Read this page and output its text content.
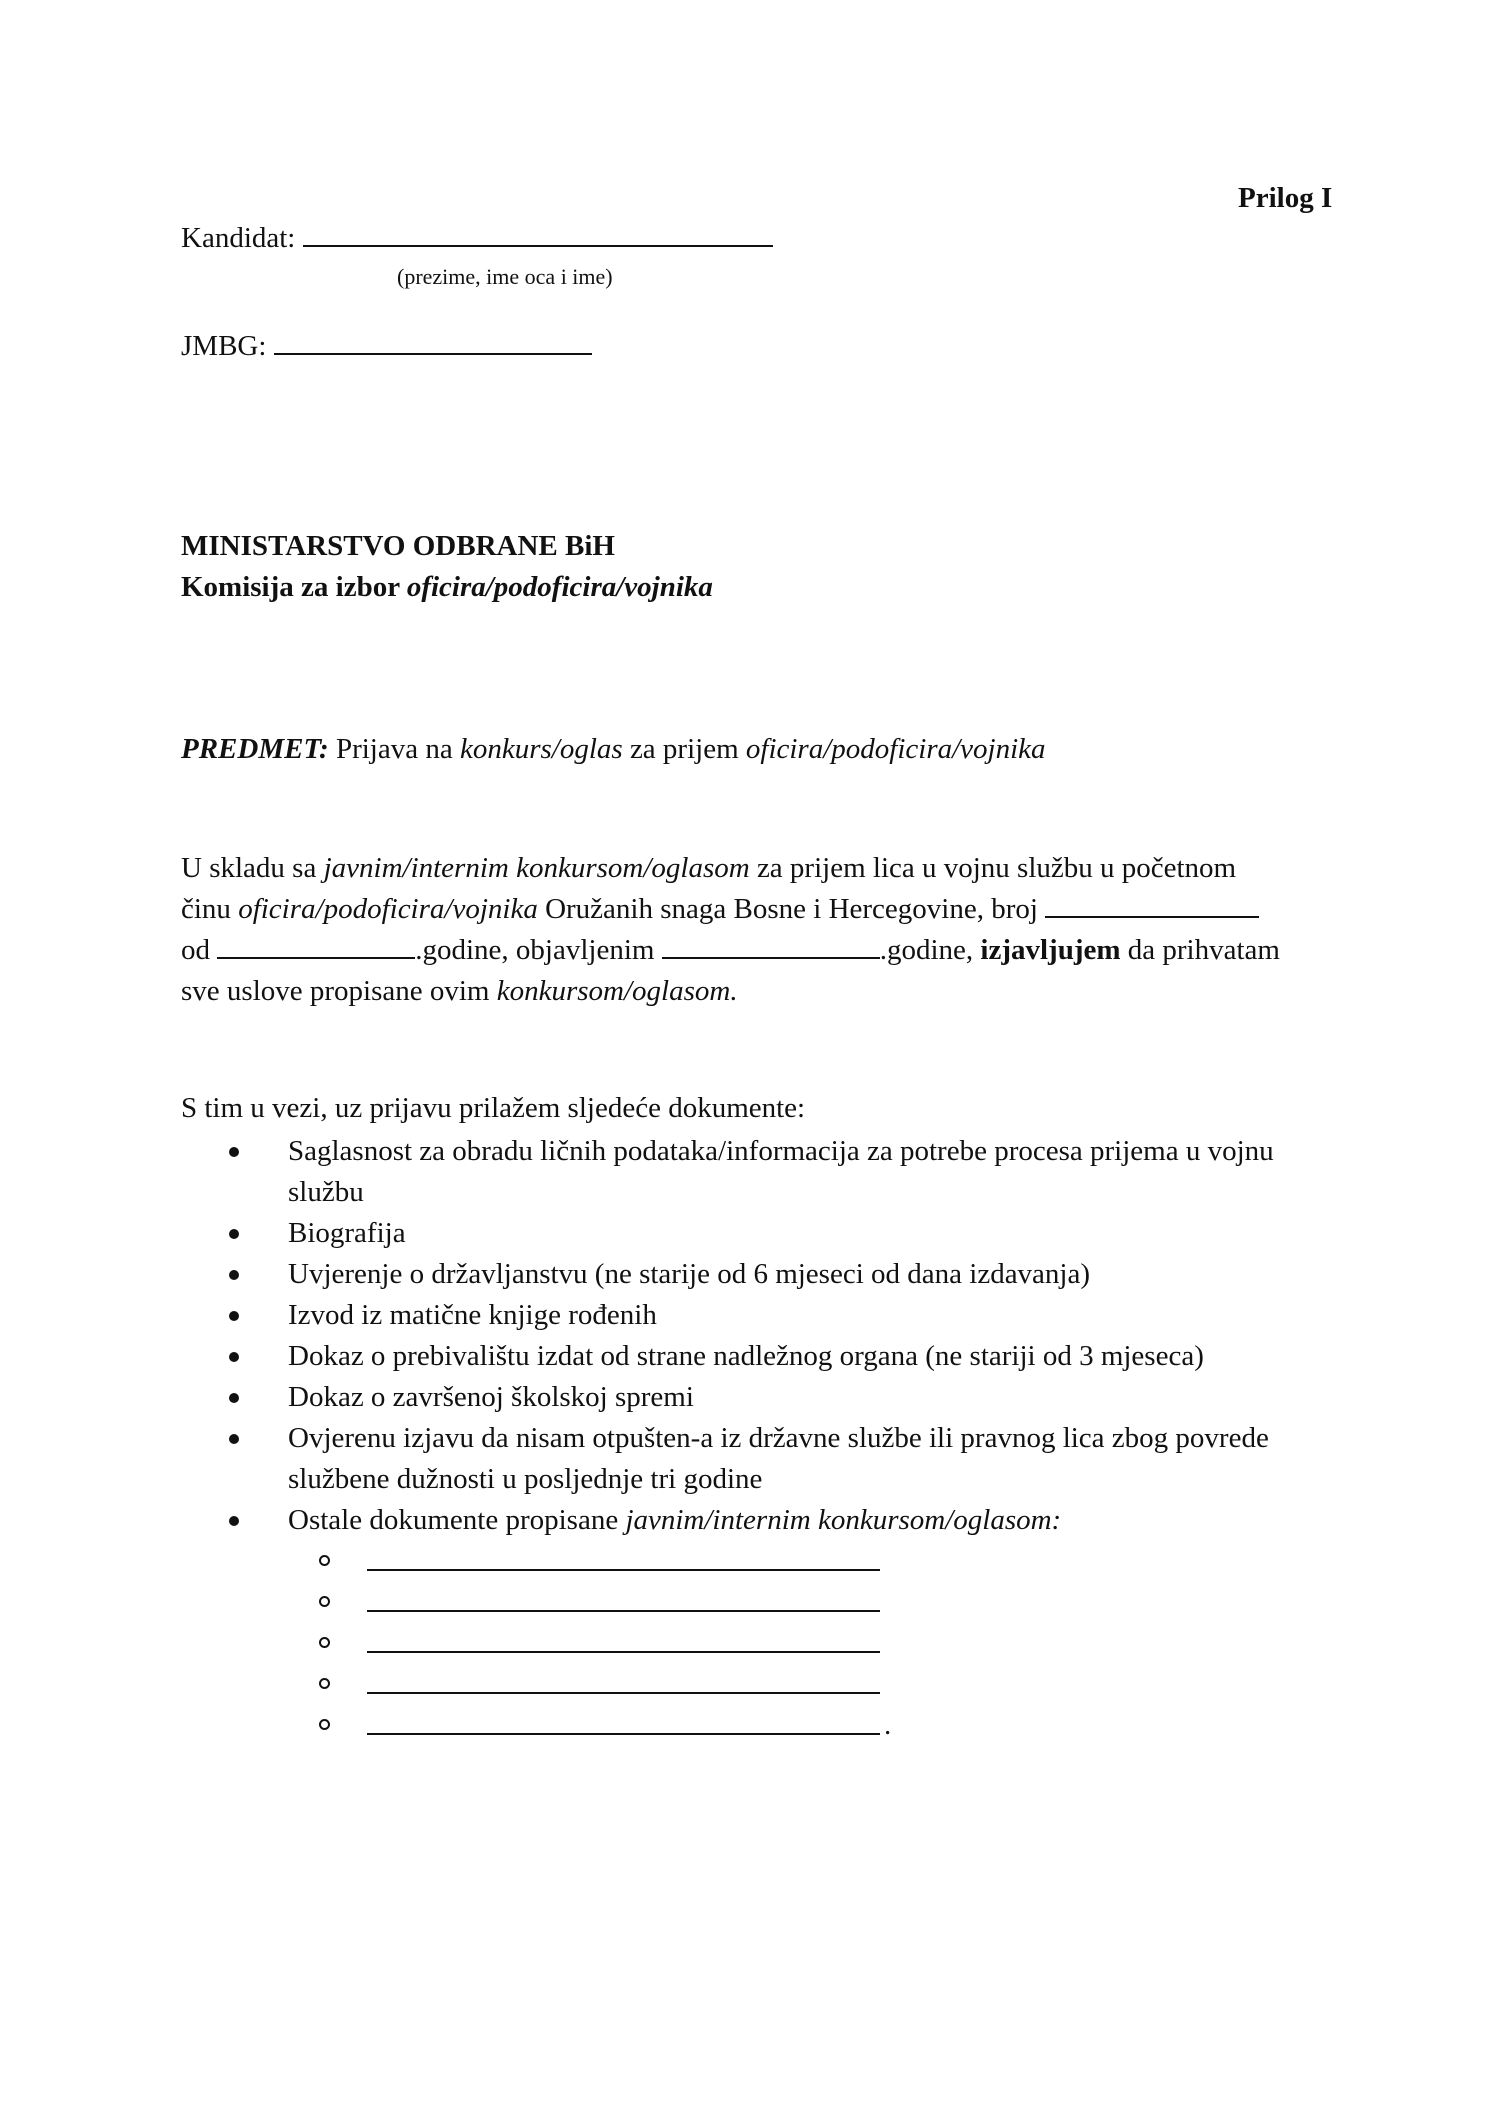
Prilog I
Kandidat:
(prezime, ime oca i ime)
JMBG:
MINISTARSTVO ODBRANE BiH
Komisija za izbor oficira/podoficira/vojnika
PREDMET: Prijava na konkurs/oglas za prijem oficira/podoficira/vojnika

U skladu sa javnim/internim konkursom/oglasom za prijem lica u vojnu službu u početnom

činu oficira/podoficira/vojnika Oružanih snaga Bosne i Hercegovine, broj

od	.godine, objavljenim	.godine, izjavljujem da prihvatam

sve uslove propisane ovim konkursom/oglasom.

S tim u vezi, uz prijavu prilažem sljedeće dokumente:

Saglasnost za obradu ličnih podataka/informacija za potrebe procesa prijema u vojnu
službu
Biografija
Uvjerenje o državljanstvu (ne starije od 6 mjeseci od dana izdavanja)
Izvod iz matične knjige rođenih
Dokaz o prebivalištu izdat od strane nadležnog organa (ne stariji od 3 mjeseca)
Dokaz o završenoj školskoj spremi
Ovjerenu izjavu da nisam otpušten-a iz državne službe ili pravnog lica zbog povrede
službene dužnosti u posljednje tri godine
Ostale dokumente propisane javnim/internim konkursom/oglasom:
.
